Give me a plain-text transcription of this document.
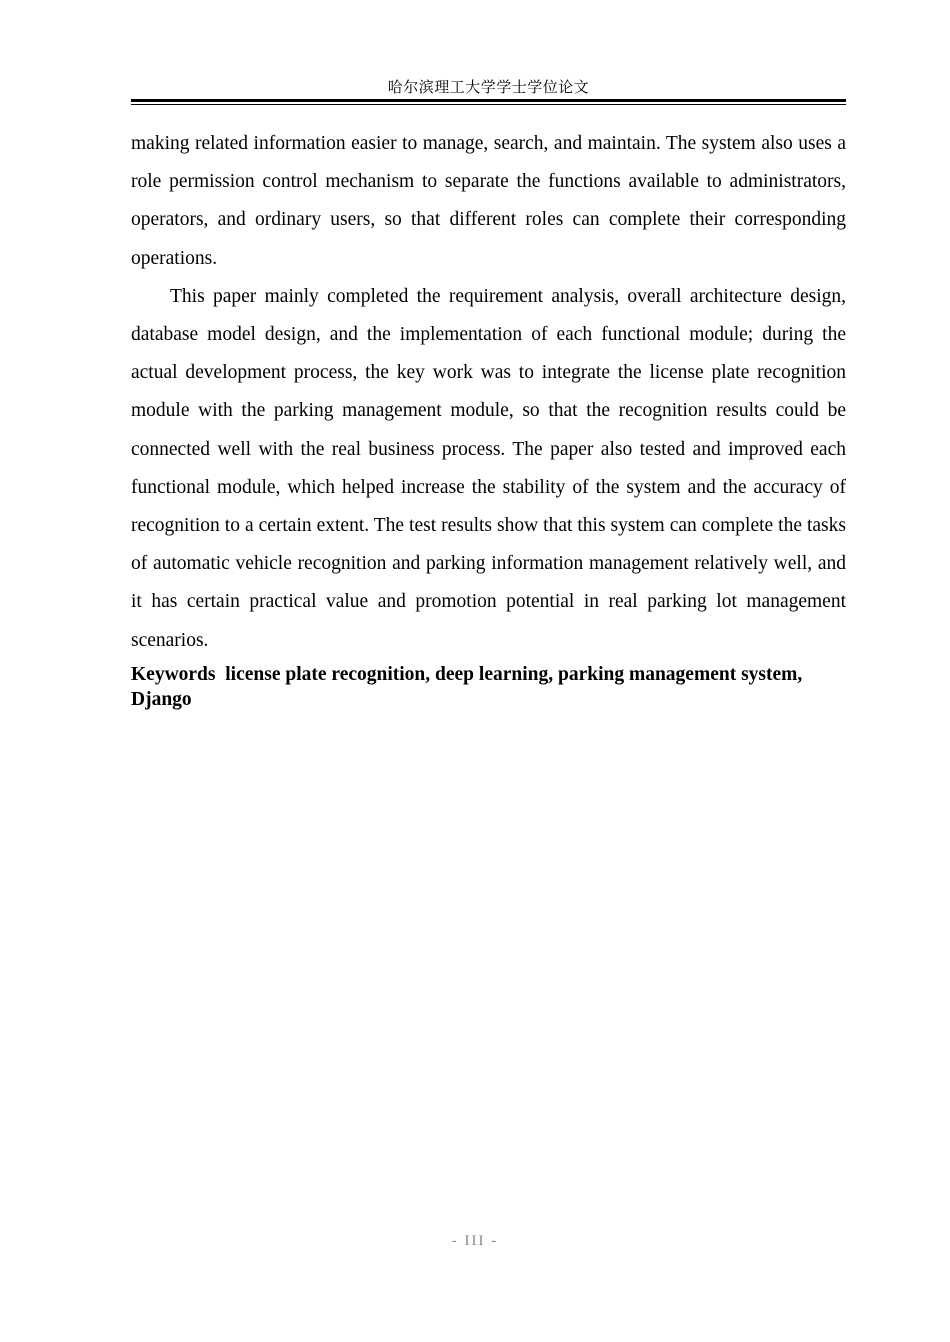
哈尔滨理工大学学士学位论文

making related information easier to manage, search, and maintain. The system also uses a role permission control mechanism to separate the functions available to administrators, operators, and ordinary users, so that different roles can complete their corresponding operations.

This paper mainly completed the requirement analysis, overall architecture design, database model design, and the implementation of each functional module; during the actual development process, the key work was to integrate the license plate recognition module with the parking management module, so that the recognition results could be connected well with the real business process. The paper also tested and improved each functional module, which helped increase the stability of the system and the accuracy of recognition to a certain extent. The test results show that this system can complete the tasks of automatic vehicle recognition and parking information management relatively well, and it has certain practical value and promotion potential in real parking lot management scenarios.

Keywords license plate recognition, deep learning, parking management system, Django

- III -
